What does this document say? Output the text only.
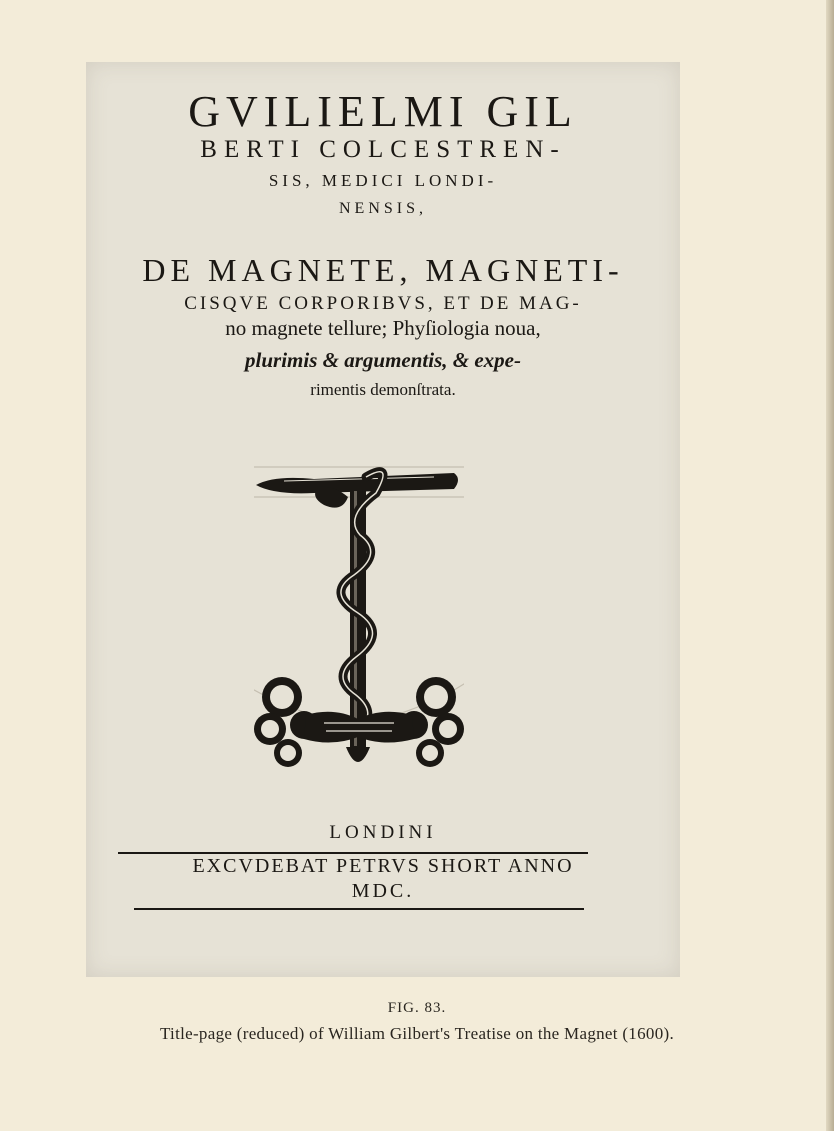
GVILIELMI GIL
BERTI COLCESTREN-
SIS, MEDICI LONDI-
NENSIS,
DE MAGNETE, MAGNETI-
CISQVE CORPORIBVS, ET DE MAG-
no magnete tellure; Phyſiologia noua,
plurimis & argumentis, & expe-
rimentis demonſtrata.
LONDINI
EXCVDEBAT PETRVS SHORT ANNO
MDC.
FIG. 83.
Title-page (reduced) of William Gilbert's Treatise on the Magnet (1600).
